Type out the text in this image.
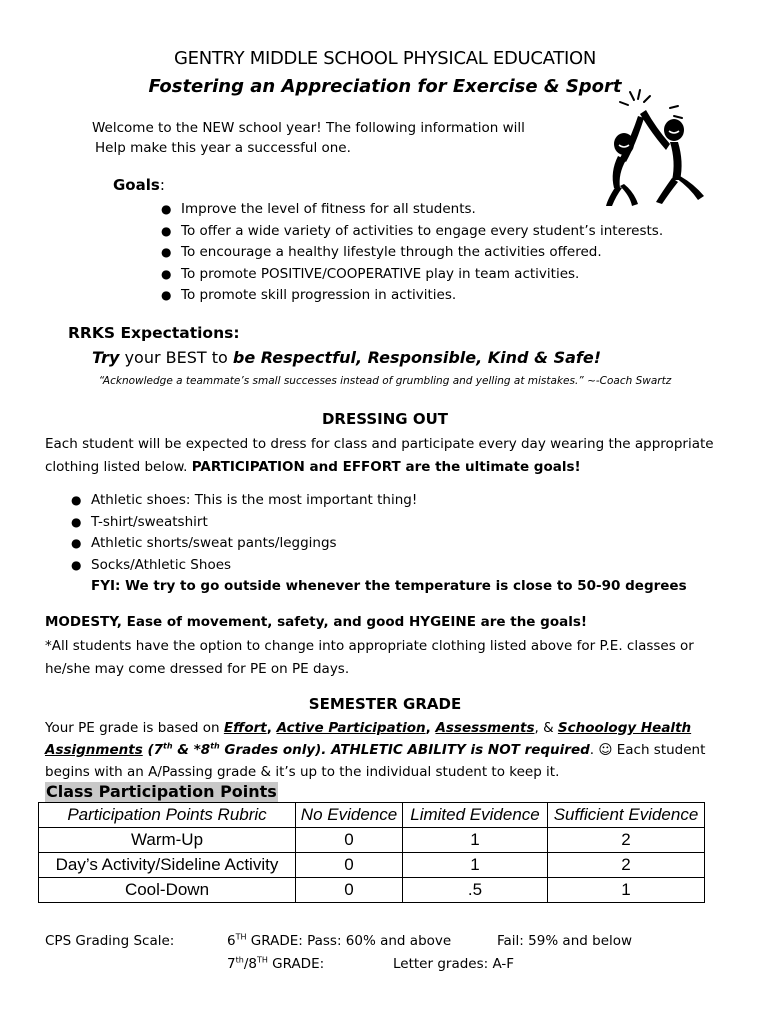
GENTRY MIDDLE SCHOOL PHYSICAL EDUCATION
Fostering an Appreciation for Exercise & Sport
Welcome to the NEW school year! The following information will
Help make this year a successful one.
Goals:
● Improve the level of fitness for all students.
● To offer a wide variety of activities to engage every student’s interests.
● To encourage a healthy lifestyle through the activities offered.
● To promote POSITIVE/COOPERATIVE play in team activities.
● To promote skill progression in activities.
RRKS Expectations:
Try your BEST to be Respectful, Responsible, Kind & Safe!
“Acknowledge a teammate’s small successes instead of grumbling and yelling at mistakes.” ~-Coach Swartz
DRESSING OUT
Each student will be expected to dress for class and participate every day wearing the appropriate clothing listed below. PARTICIPATION and EFFORT are the ultimate goals!
● Athletic shoes: This is the most important thing!
● T-shirt/sweatshirt
● Athletic shorts/sweat pants/leggings
● Socks/Athletic Shoes
FYI: We try to go outside whenever the temperature is close to 50-90 degrees
MODESTY, Ease of movement, safety, and good HYGEINE are the goals!
*All students have the option to change into appropriate clothing listed above for P.E. classes or he/she may come dressed for PE on PE days.
SEMESTER GRADE
Your PE grade is based on Effort, Active Participation, Assessments, & Schoology Health Assignments (7th & *8th Grades only). ATHLETIC ABILITY is NOT required. ☺ Each student begins with an A/Passing grade & it’s up to the individual student to keep it.
Class Participation Points
Participation Points Rubric	No Evidence	Limited Evidence	Sufficient Evidence
Warm-Up	0	1	2
Day’s Activity/Sideline Activity	0	1	2
Cool-Down	0	.5	1
CPS Grading Scale:	6TH GRADE: Pass: 60% and above	Fail: 59% and below
7th/8TH GRADE:	Letter grades: A-F
